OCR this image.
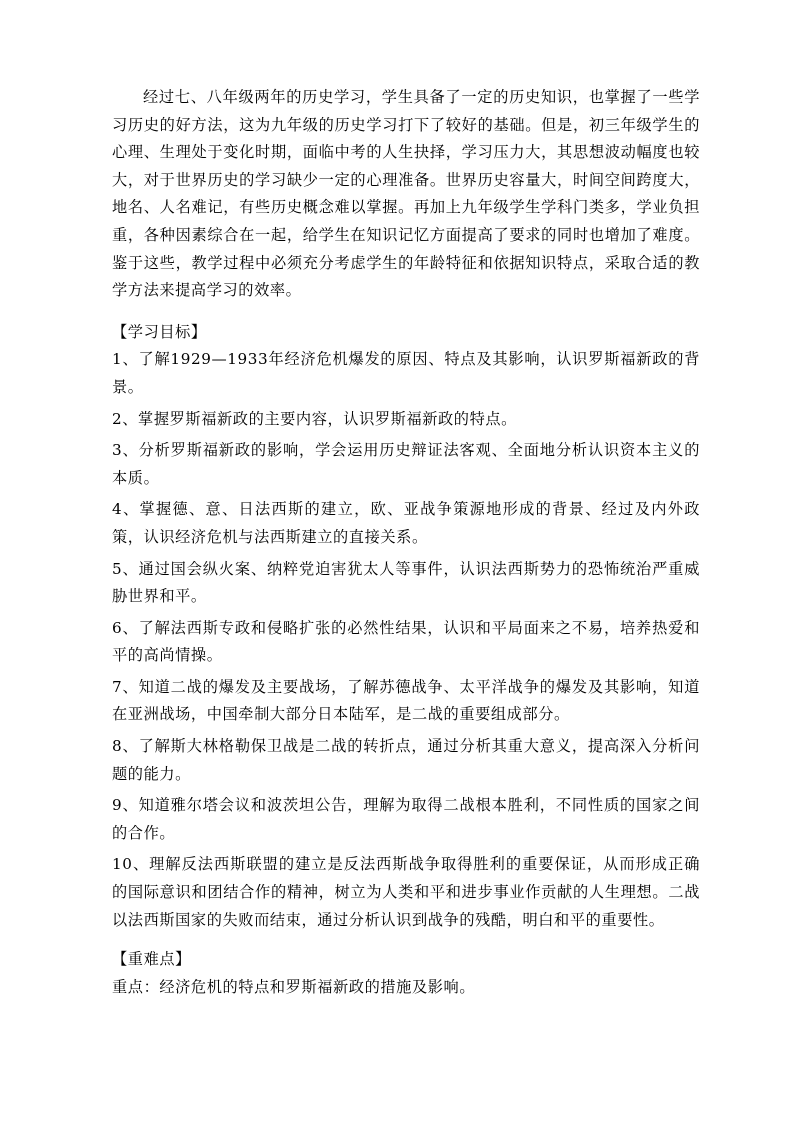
经过七、八年级两年的历史学习，学生具备了一定的历史知识，也掌握了一些学习历史的好方法，这为九年级的历史学习打下了较好的基础。但是，初三年级学生的心理、生理处于变化时期，面临中考的人生抉择，学习压力大，其思想波动幅度也较大，对于世界历史的学习缺少一定的心理准备。世界历史容量大，时间空间跨度大，地名、人名难记，有些历史概念难以掌握。再加上九年级学生学科门类多，学业负担重，各种因素综合在一起，给学生在知识记忆方面提高了要求的同时也增加了难度。鉴于这些，教学过程中必须充分考虑学生的年龄特征和依据知识特点，采取合适的教学方法来提高学习的效率。

【学习目标】

1、了解1929—1933年经济危机爆发的原因、特点及其影响，认识罗斯福新政的背景。

2、掌握罗斯福新政的主要内容，认识罗斯福新政的特点。

3、分析罗斯福新政的影响，学会运用历史辩证法客观、全面地分析认识资本主义的本质。

4、掌握德、意、日法西斯的建立，欧、亚战争策源地形成的背景、经过及内外政策，认识经济危机与法西斯建立的直接关系。

5、通过国会纵火案、纳粹党迫害犹太人等事件，认识法西斯势力的恐怖统治严重威胁世界和平。

6、了解法西斯专政和侵略扩张的必然性结果，认识和平局面来之不易，培养热爱和平的高尚情操。

7、知道二战的爆发及主要战场，了解苏德战争、太平洋战争的爆发及其影响，知道在亚洲战场，中国牵制大部分日本陆军，是二战的重要组成部分。

8、了解斯大林格勒保卫战是二战的转折点，通过分析其重大意义，提高深入分析问题的能力。

9、知道雅尔塔会议和波茨坦公告，理解为取得二战根本胜利，不同性质的国家之间的合作。

10、理解反法西斯联盟的建立是反法西斯战争取得胜利的重要保证，从而形成正确的国际意识和团结合作的精神，树立为人类和平和进步事业作贡献的人生理想。二战以法西斯国家的失败而结束，通过分析认识到战争的残酷，明白和平的重要性。

【重难点】

重点：经济危机的特点和罗斯福新政的措施及影响。
